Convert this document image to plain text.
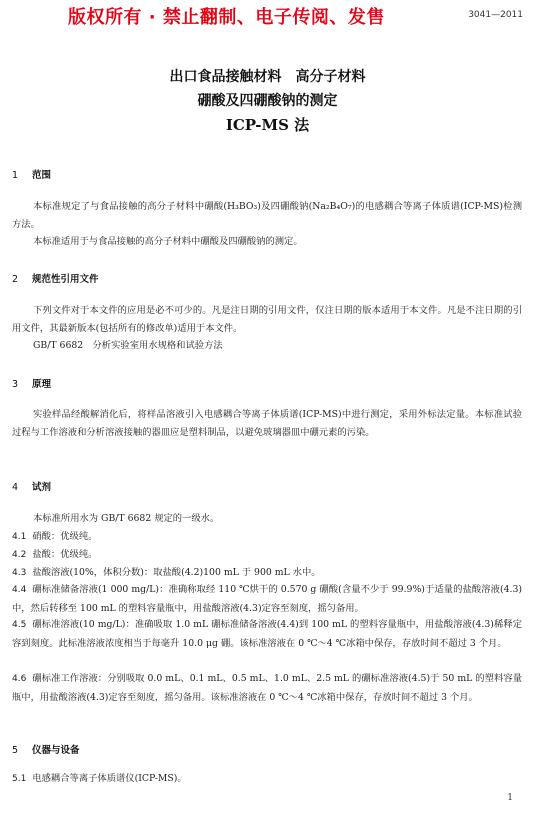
版权所有 · 禁止翻制、电子传阅、发售	3041—2011
出口食品接触材料　高分子材料
硼酸及四硼酸钠的测定
ICP-MS 法
1 范围
本标准规定了与食品接触的高分子材料中硼酸(H₃BO₃)及四硼酸钠(Na₂B₄O₇)的电感耦合等离子体质谱(ICP-MS)检测方法。
本标准适用于与食品接触的高分子材料中硼酸及四硼酸钠的测定。
2 规范性引用文件
下列文件对于本文件的应用是必不可少的。凡是注日期的引用文件，仅注日期的版本适用于本文件。凡是不注日期的引用文件，其最新版本(包括所有的修改单)适用于本文件。
GB/T 6682　分析实验室用水规格和试验方法
3 原理
实验样品经酸解消化后，将样品溶液引入电感耦合等离子体质谱(ICP-MS)中进行测定，采用外标法定量。本标准试验过程与工作溶液和分析溶液接触的器皿应是塑料制品，以避免玻璃器皿中硼元素的污染。
4 试剂
本标准所用水为 GB/T 6682 规定的一级水。
4.1 硝酸：优级纯。
4.2 盐酸：优级纯。
4.3 盐酸溶液(10%，体积分数)：取盐酸(4.2)100 mL 于 900 mL 水中。
4.4 硼标准储备溶液(1 000 mg/L)：准确称取经 110 ℃烘干的 0.570 g 硼酸(含量不少于 99.9%)于适量的盐酸溶液(4.3)中，然后转移至 100 mL 的塑料容量瓶中，用盐酸溶液(4.3)定容至刻度，摇匀备用。
4.5 硼标准溶液(10 mg/L)：准确吸取 1.0 mL 硼标准储备溶液(4.4)到 100 mL 的塑料容量瓶中，用盐酸溶液(4.3)稀释定容到刻度。此标准溶液浓度相当于每毫升 10.0 μg 硼。该标准溶液在 0 ℃～4 ℃冰箱中保存，存放时间不超过 3 个月。
4.6 硼标准工作溶液：分别吸取 0.0 mL、0.1 mL、0.5 mL、1.0 mL、2.5 mL 的硼标准溶液(4.5)于 50 mL 的塑料容量瓶中，用盐酸溶液(4.3)定容至刻度，摇匀备用。该标准溶液在 0 ℃～4 ℃冰箱中保存，存放时间不超过 3 个月。
5 仪器与设备
5.1 电感耦合等离子体质谱仪(ICP-MS)。
1
